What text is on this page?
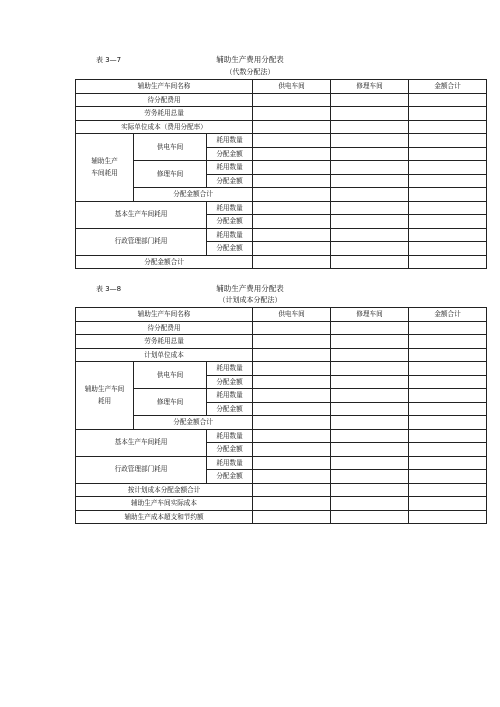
表 3—7	辅助生产费用分配表
（代数分配法）
辅助生产车间名称			供电车间	修理车间	金额合计
待分配费用					
劳务耗用总量					
实际单位成本（费用分配率）					
辅助生产
车间耗用	供电车间	耗用数量			
		分配金额			
	修理车间	耗用数量			
		分配金额			
	分配金额合计				
基本生产车间耗用		耗用数量			
		分配金额			
行政管理部门耗用		耗用数量			
		分配金额			
分配金额合计					
表 3—8	辅助生产费用分配表
（计划成本分配法）
辅助生产车间名称			供电车间	修理车间	金额合计
待分配费用					
劳务耗用总量					
计划单位成本					
辅助生产车间
耗用	供电车间	耗用数量			
		分配金额			
	修理车间	耗用数量			
		分配金额			
	分配金额合计				
基本生产车间耗用		耗用数量			
		分配金额			
行政管理部门耗用		耗用数量			
		分配金额			
按计划成本分配金额合计					
辅助生产车间实际成本					
辅助生产成本超支和节约额					
